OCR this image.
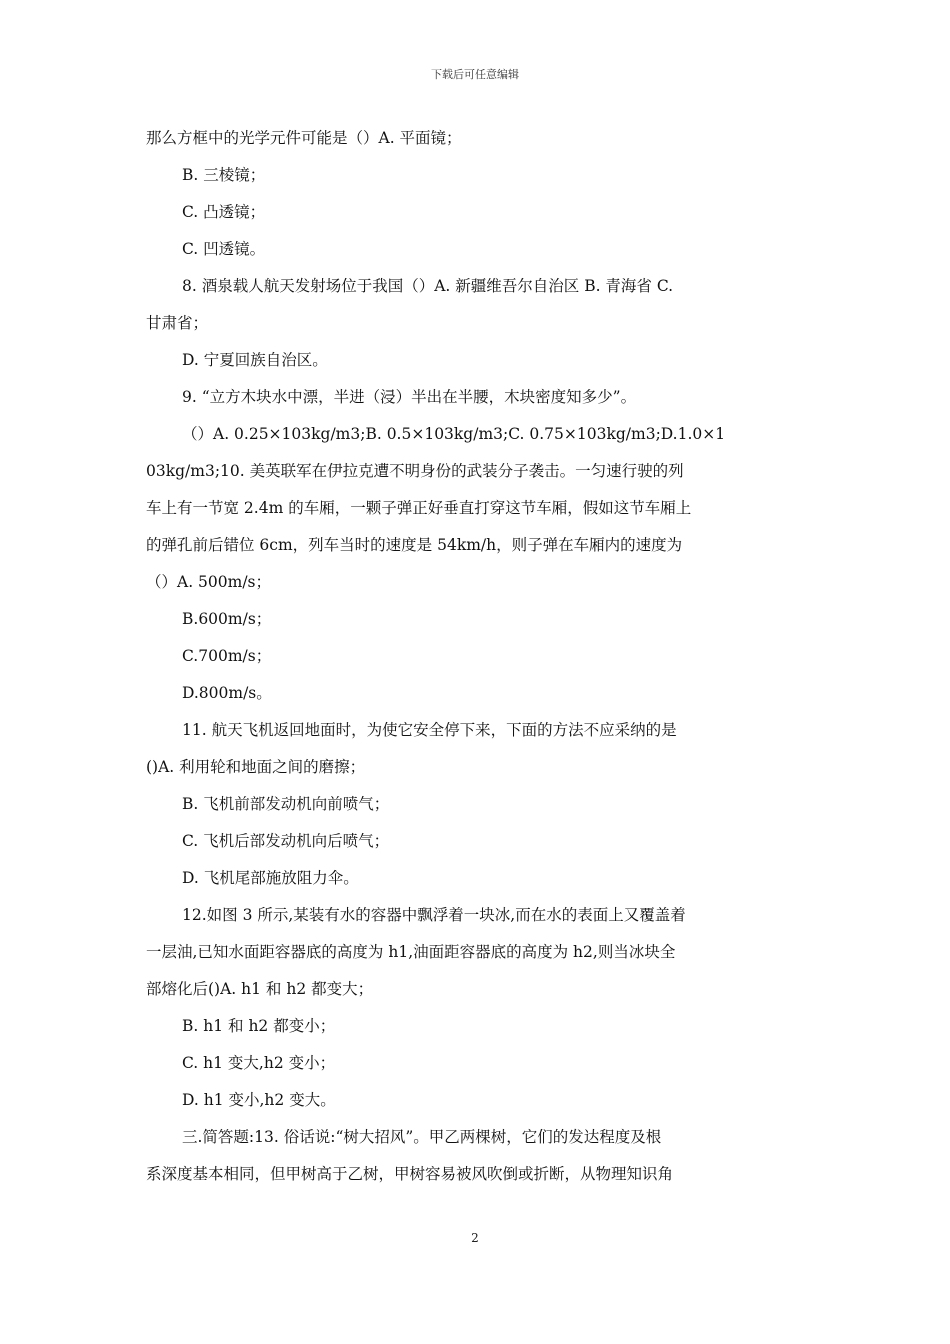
下载后可任意编辑
那么方框中的光学元件可能是（）A. 平面镜；
B. 三棱镜；
C. 凸透镜；
C. 凹透镜。
8. 酒泉载人航天发射场位于我国（）A. 新疆维吾尔自治区 B. 青海省 C.
甘肃省；
D. 宁夏回族自治区。
9. “立方木块水中漂，半进（浸）半出在半腰，木块密度知多少”。
（）A. 0.25×103kg/m3;B. 0.5×103kg/m3;C. 0.75×103kg/m3;D.1.0×1
03kg/m3;10. 美英联军在伊拉克遭不明身份的武装分子袭击。一匀速行驶的列
车上有一节宽 2.4m 的车厢，一颗子弹正好垂直打穿这节车厢，假如这节车厢上
的弹孔前后错位 6cm，列车当时的速度是 54km/h，则子弹在车厢内的速度为
（）A. 500m/s；
B.600m/s；
C.700m/s；
D.800m/s。
11. 航天飞机返回地面时，为使它安全停下来，下面的方法不应采纳的是
()A. 利用轮和地面之间的磨擦；
B. 飞机前部发动机向前喷气；
C. 飞机后部发动机向后喷气；
D. 飞机尾部施放阻力伞。
12.如图 3 所示,某装有水的容器中飘浮着一块冰,而在水的表面上又覆盖着
一层油,已知水面距容器底的高度为 h1,油面距容器底的高度为 h2,则当冰块全
部熔化后()A. h1 和 h2 都变大；
B. h1 和 h2 都变小；
C. h1 变大,h2 变小；
D. h1 变小,h2 变大。
三.简答题:13. 俗话说:“树大招风”。甲乙两棵树，它们的发达程度及根
系深度基本相同，但甲树高于乙树，甲树容易被风吹倒或折断，从物理知识角
2
